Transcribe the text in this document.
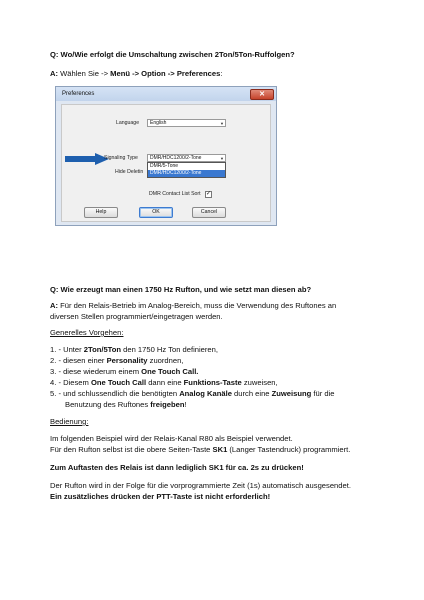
Q: Wo/Wie erfolgt die Umschaltung zwischen 2Ton/5Ton-Ruffolgen?
A: Wählen Sie -> Menü -> Option -> Preferences:
Preferences	✕
Language	English	▼
Signaling Type	DMR/HDC1200/2-Tone	▼
Hide Deletin
DMR/5-Tone
DMR/HDC1200/2-Tone
DMR Contact List Sort ✓
Help	OK	Cancel
Q: Wie erzeugt man einen 1750 Hz Rufton, und wie setzt man diesen ab?
A: Für den Relais-Betrieb im Analog-Bereich, muss die Verwendung des Ruftones an
diversen Stellen programmiert/eingetragen werden.
Generelles Vorgehen:
1. - Unter 2Ton/5Ton den 1750 Hz Ton definieren,
2. - diesen einer Personality zuordnen,
3. - diese wiederum einem One Touch Call.
4. - Diesem One Touch Call dann eine Funktions-Taste zuweisen,
5. - und schlussendlich die benötigten Analog Kanäle durch eine Zuweisung für die
Benutzung des Ruftones freigeben!
Bedienung:
Im folgenden Beispiel wird der Relais-Kanal R80 als Beispiel verwendet.
Für den Rufton selbst ist die obere Seiten-Taste SK1 (Langer Tastendruck) programmiert.
Zum Auftasten des Relais ist dann lediglich SK1 für ca. 2s zu drücken!
Der Rufton wird in der Folge für die vorprogrammierte Zeit (1s) automatisch ausgesendet.
Ein zusätzliches drücken der PTT-Taste ist nicht erforderlich!
